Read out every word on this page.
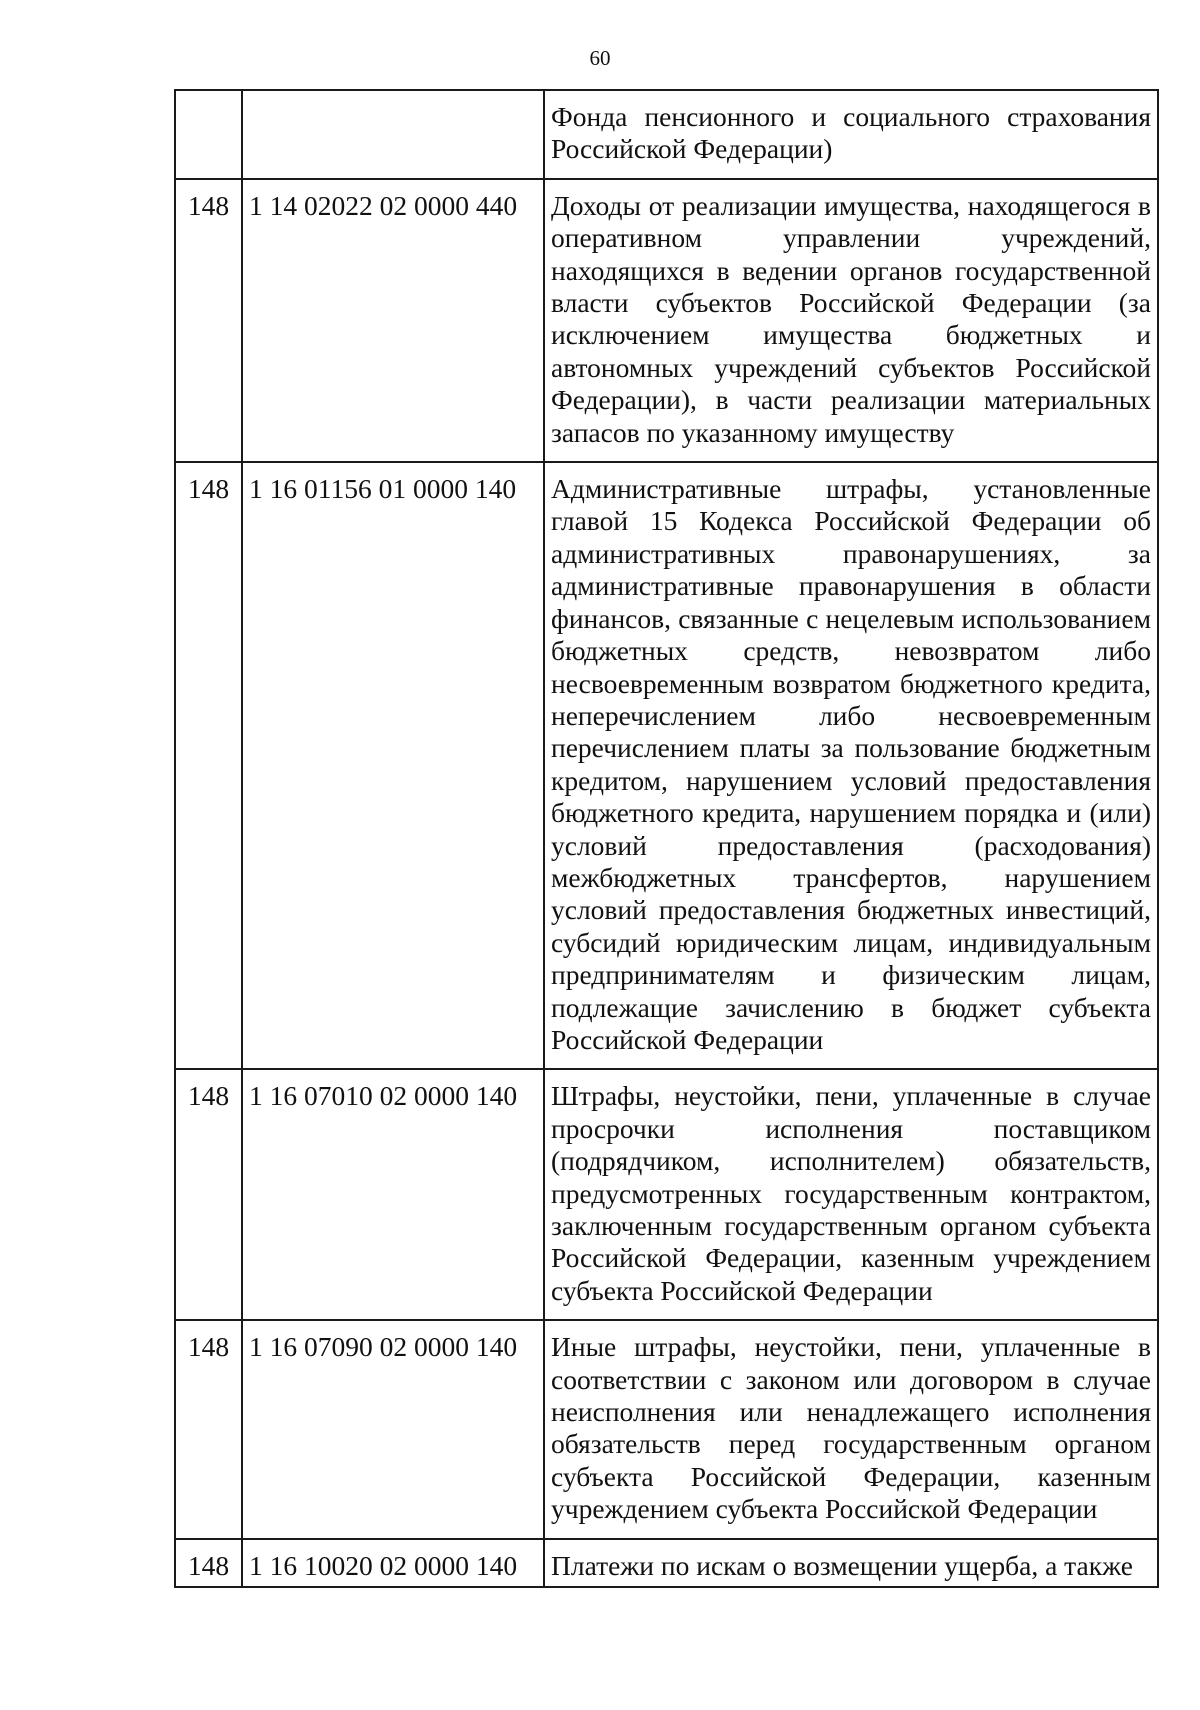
60
		Фонда пенсионного и социального страхования Российской Федерации)
148	1 14 02022 02 0000 440	Доходы от реализации имущества, находящегося в оперативном управлении учреждений, находящихся в ведении органов государственной власти субъектов Российской Федерации (за исключением имущества бюджетных и автономных учреждений субъектов Российской Федерации), в части реализации материальных запасов по указанному имуществу
148	1 16 01156 01 0000 140	Административные штрафы, установленные главой 15 Кодекса Российской Федерации об административных правонарушениях, за административные правонарушения в области финансов, связанные с нецелевым использованием бюджетных средств, невозвратом либо несвоевременным возвратом бюджетного кредита, неперечислением либо несвоевременным перечислением платы за пользование бюджетным кредитом, нарушением условий предоставления бюджетного кредита, нарушением порядка и (или) условий предоставления (расходования) межбюджетных трансфертов, нарушением условий предоставления бюджетных инвестиций, субсидий юридическим лицам, индивидуальным предпринимателям и физическим лицам, подлежащие зачислению в бюджет субъекта Российской Федерации
148	1 16 07010 02 0000 140	Штрафы, неустойки, пени, уплаченные в случае просрочки исполнения поставщиком (подрядчиком, исполнителем) обязательств, предусмотренных государственным контрактом, заключенным государственным органом субъекта Российской Федерации, казенным учреждением субъекта Российской Федерации
148	1 16 07090 02 0000 140	Иные штрафы, неустойки, пени, уплаченные в соответствии с законом или договором в случае неисполнения или ненадлежащего исполнения обязательств перед государственным органом субъекта Российской Федерации, казенным учреждением субъекта Российской Федерации
148	1 16 10020 02 0000 140	Платежи по искам о возмещении ущерба, а также
